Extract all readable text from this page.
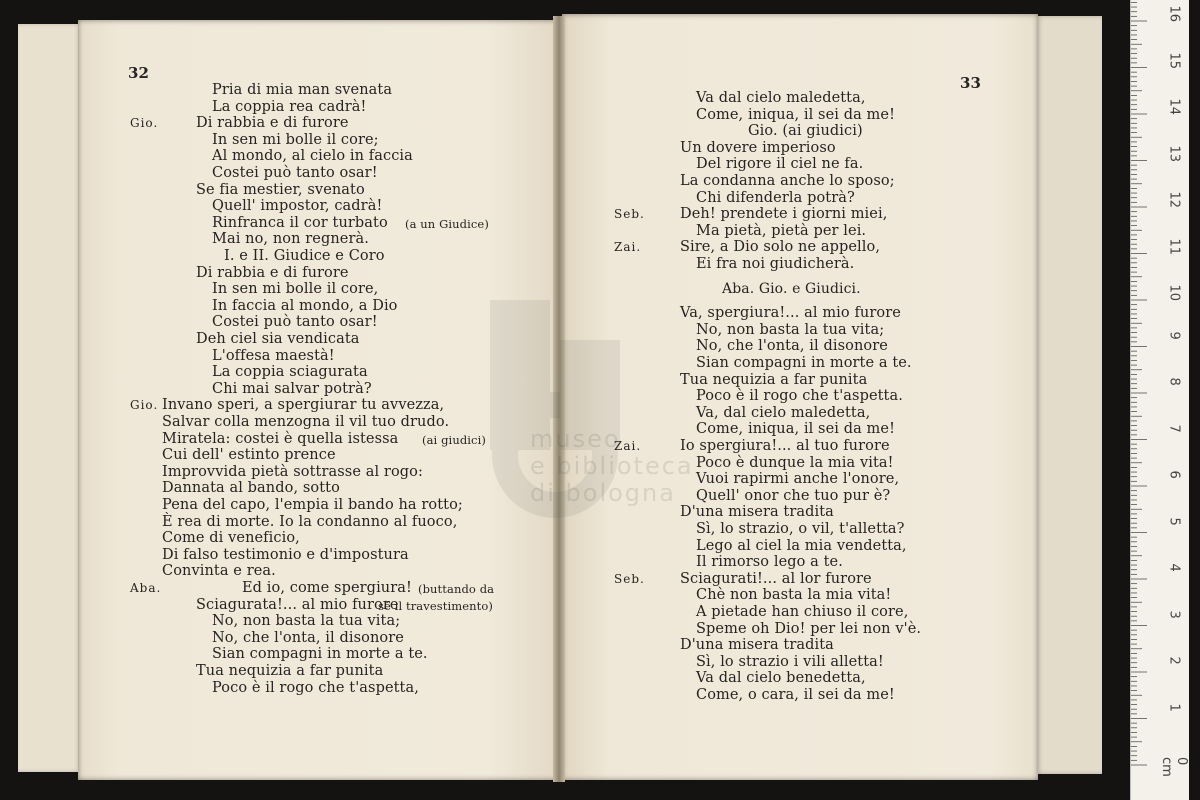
museo
e biblioteca
di bologna
0 cm
1
2
3
4
5
6
7
8
9
10
11
12
13
14
15
16
32
Pria di mia man svenata
La coppia rea cadrà!
Gio.	Di rabbia e di furore
In sen mi bolle il core;
Al mondo, al cielo in faccia
Costei può tanto osar!
Se fia mestier, svenato
Quell' impostor, cadrà!
Rinfranca il cor turbato (a un Giudice)
Mai no, non regnerà.
I. e II. Giudice e Coro
Di rabbia e di furore
In sen mi bolle il core,
In faccia al mondo, a Dio
Costei può tanto osar!
Deh ciel sia vendicata
L'offesa maestà!
La coppia sciagurata
Chi mai salvar potrà?
Gio. Invano speri, a spergiurar tu avvezza,
Salvar colla menzogna il vil tuo drudo.
Miratela: costei è quella istessa (ai giudici)
Cui dell' estinto prence
Improvvida pietà sottrasse al rogo:
Dannata al bando, sotto
Pena del capo, l'empia il bando ha rotto;
È rea di morte. Io la condanno al fuoco,
Come di veneficio,
Di falso testimonio e d'impostura
Convinta e rea.
Aba.	Ed io, come spergiura! (buttando da
Sciagurata!... al mio furore
sè il travestimento)
No, non basta la tua vita;
No, che l'onta, il disonore
Sian compagni in morte a te.
Tua nequizia a far punita
Poco è il rogo che t'aspetta,
33
Va dal cielo maledetta,
Come, iniqua, il sei da me!
Gio. (ai giudici)
Un dovere imperioso
Del rigore il ciel ne fa.
La condanna anche lo sposo;
Chi difenderla potrà?
Seb. Deh! prendete i giorni miei,
Ma pietà, pietà per lei.
Zai.	Sire, a Dio solo ne appello,
Ei fra noi giudicherà.
Aba. Gio. e Giudici.
Va, spergiura!... al mio furore
No, non basta la tua vita;
No, che l'onta, il disonore
Sian compagni in morte a te.
Tua nequizia a far punita
Poco è il rogo che t'aspetta.
Va, dal cielo maledetta,
Come, iniqua, il sei da me!
Zai.	Io spergiura!... al tuo furore
Poco è dunque la mia vita!
Vuoi rapirmi anche l'onore,
Quell' onor che tuo pur è?
D'una misera tradita
Sì, lo strazio, o vil, t'alletta?
Lego al ciel la mia vendetta,
Il rimorso lego a te.
Seb. Sciagurati!... al lor furore
Chè non basta la mia vita!
A pietade han chiuso il core,
Speme oh Dio! per lei non v'è.
D'una misera tradita
Sì, lo strazio i vili alletta!
Va dal cielo benedetta,
Come, o cara, il sei da me!
